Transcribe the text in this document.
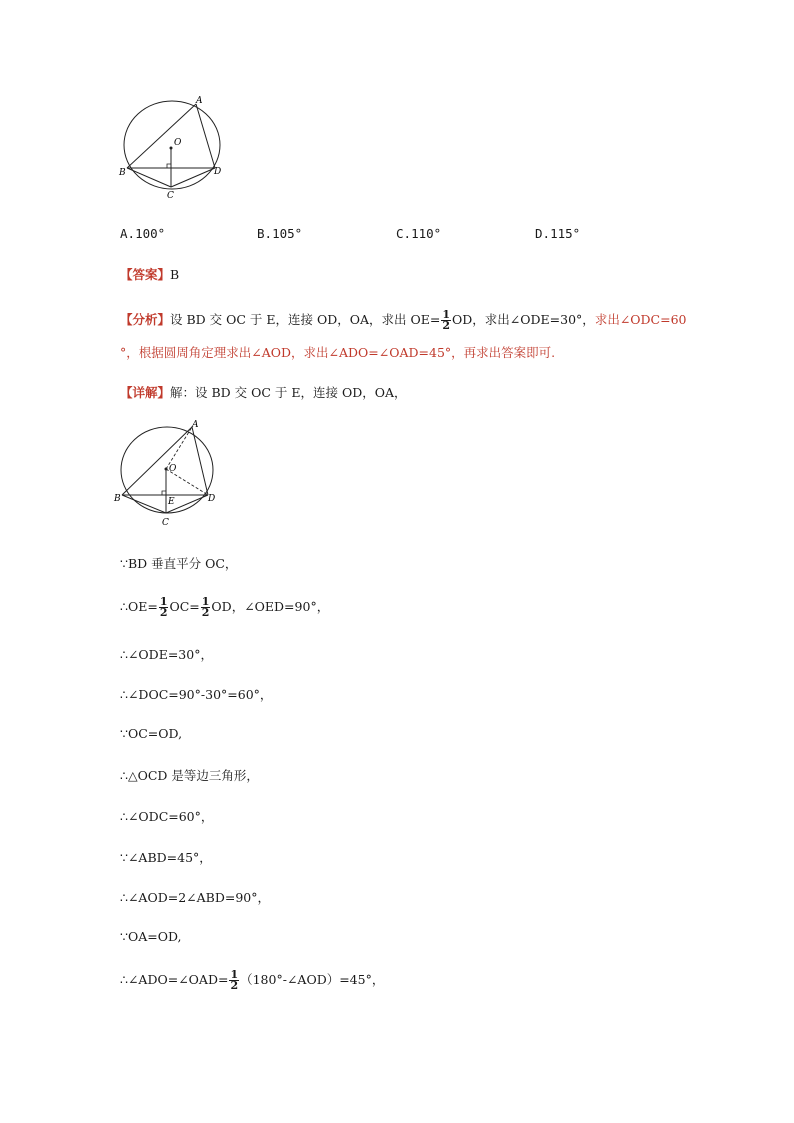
A
O
B	D
C
A.100°	B.105°	C.110°	D.115°
【答案】B
【分析】设 BD 交 OC 于 E，连接 OD，OA，求出 $OE= \frac{1}{2}$ OD，求出∠ODE=30°，求出∠ODC=60
°，根据圆周角定理求出∠AOD，求出∠ADO=∠OAD=45°，再求出答案即可.
【详解】解：设 BD 交 OC 于 E，连接 OD，OA，
A
O
B	D
E
C
∵BD 垂直平分 OC，
∴OE= $\frac{1}{2} OC= \frac{1}{2}$ OD，∠OED=90°，
∴∠ODE=30°，
∴∠DOC=90°-30°=60°，
∵OC=OD,
∴△OCD 是等边三角形，
∴∠ODC=60°，
∵∠ABD=45°，
∴∠AOD=2∠ABD=90°，
∵OA=OD,
∴∠ADO=∠OAD= $\frac{1}{2}$ （180°-∠AOD）=45°，
